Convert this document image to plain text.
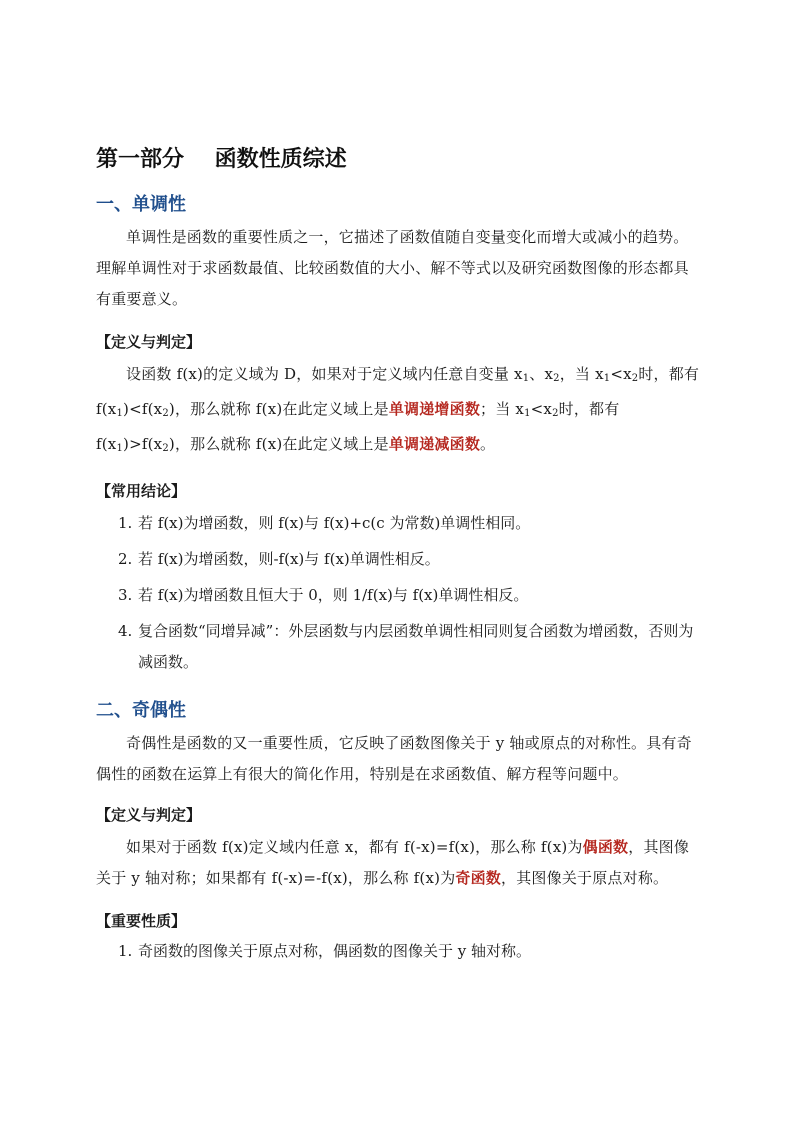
第一部分    函数性质综述
一、单调性

单调性是函数的重要性质之一，它描述了函数值随自变量变化而增大或减小的趋势。理解单调性对于求函数最值、比较函数值的大小、解不等式以及研究函数图像的形态都具有重要意义。

【定义与判定】

设函数 f(x)的定义域为 D，如果对于定义域内任意自变量 $x_1$、$x_2$，当 $x_1<x_2$时，都有 $f(x_1)<f(x_2)$，那么就称 f(x)在此定义域上是单调递增函数；当 $x_1<x_2$时，都有 $f(x_1)>f(x_2)$，那么就称 f(x)在此定义域上是单调递减函数。

【常用结论】
1. 若 f(x)为增函数，则 f(x)与 f(x)+c(c 为常数)单调性相同。
2. 若 f(x)为增函数，则-f(x)与 f(x)单调性相反。
3. 若 f(x)为增函数且恒大于 0，则 1/f(x)与 f(x)单调性相反。
4. 复合函数“同增异减”：外层函数与内层函数单调性相同则复合函数为增函数，否则为减函数。
二、奇偶性

奇偶性是函数的又一重要性质，它反映了函数图像关于 y 轴或原点的对称性。具有奇偶性的函数在运算上有很大的简化作用，特别是在求函数值、解方程等问题中。

【定义与判定】

如果对于函数 f(x)定义域内任意 x，都有 f(-x)=f(x)，那么称 f(x)为偶函数，其图像关于 y 轴对称；如果都有 f(-x)=-f(x)，那么称 f(x)为奇函数，其图像关于原点对称。

【重要性质】
1. 奇函数的图像关于原点对称，偶函数的图像关于 y 轴对称。
